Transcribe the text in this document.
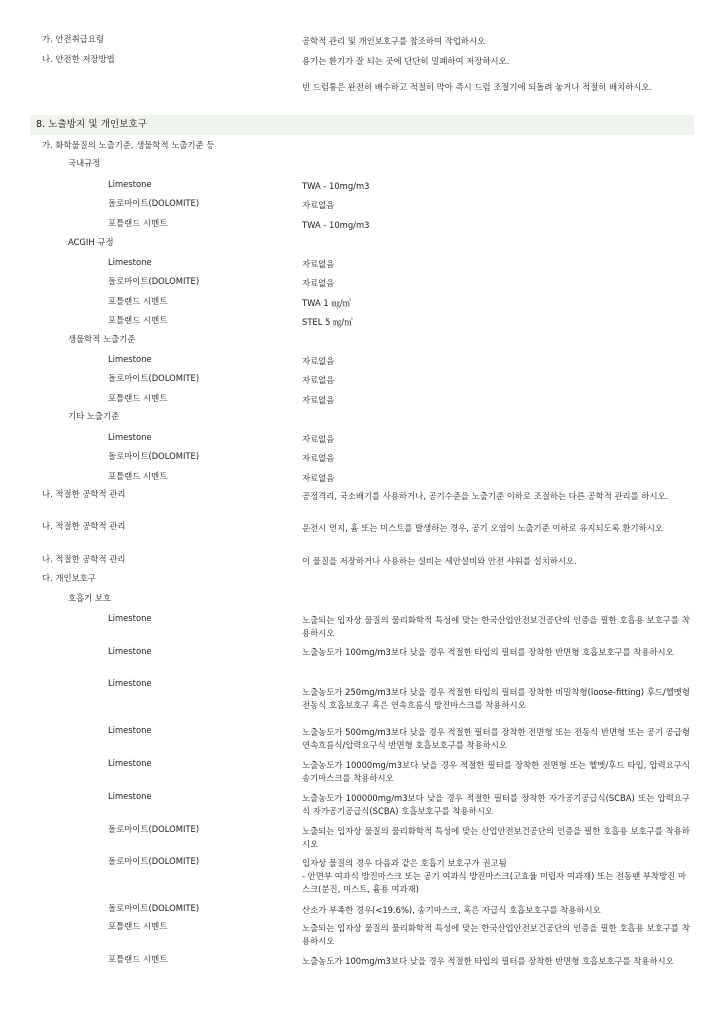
가. 안전취급요령	공학적 관리 및 개인보호구를 참조하여 작업하시오
나. 안전한 저장방법	용기는 환기가 잘 되는 곳에 단단히 밀폐하여 저장하시오.
빈 드럼통은 완전히 배수하고 적절히 막아 즉시 드럼 조절기에 되돌려 놓거나 적절히 배치하시오.
8. 노출방지 및 개인보호구
가. 화학물질의 노출기준, 생물학적 노출기준 등
국내규정
Limestone	TWA - 10mg/m3
돌로마이트(DOLOMITE)	자료없음
포틀랜드 시멘트	TWA - 10mg/m3
ACGIH 규정
Limestone	자료없음
돌로마이트(DOLOMITE)	자료없음
포틀랜드 시멘트	TWA 1 ㎎/㎥
포틀랜드 시멘트	STEL 5 ㎎/㎥
생물학적 노출기준
Limestone	자료없음
돌로마이트(DOLOMITE)	자료없음
포틀랜드 시멘트	자료없음
기타 노출기준
Limestone	자료없음
돌로마이트(DOLOMITE)	자료없음
포틀랜드 시멘트	자료없음
나. 적절한 공학적 관리	공정격리, 국소배기를 사용하거나, 공기수준을 노출기준 이하로 조절하는 다른 공학적 관리를 하시오.
나. 적절한 공학적 관리	운전시 먼지, 흄 또는 미스트를 발생하는 경우, 공기 오염이 노출기준 이하로 유지되도록 환기하시오
나. 적절한 공학적 관리	이 물질을 저장하거나 사용하는 설비는 세안설비와 안전 샤워를 설치하시오.
다. 개인보호구
호흡기 보호
Limestone	노출되는 입자상 물질의 물리화학적 특성에 맞는 한국산업안전보건공단의 인증을 필한 호흡용 보호구를 착용하시오
Limestone	노출농도가 100mg/m3보다 낮을 경우 적절한 타입의 필터를 장착한 반면형 호흡보호구를 착용하시오
Limestone
노출농도가 250mg/m3보다 낮을 경우 적절한 타입의 필터를 장착한 비밀착형(loose-fitting) 후드/헬멧형 전동식 호흡보호구 혹은 연속흐름식 방진마스크를 착용하시오
Limestone	노출농도가 500mg/m3보다 낮을 경우 적절한 필터를 장착한 전면형 또는 전동식 반면형 또는 공기 공급형 연속흐름식/압력요구식 반면형 호흡보호구를 착용하시오
Limestone	노출농도가 10000mg/m3보다 낮을 경우 적절한 필터를 장착한 전면형 또는 헬멧/후드 타입, 압력요구식 송기마스크를 착용하시오
Limestone	노출농도가 100000mg/m3보다 낮을 경우 적절한 필터를 장착한 자가공기공급식(SCBA) 또는 압력요구식 자가공기공급식(SCBA) 호흡보호구를 착용하시오
돌로마이트(DOLOMITE)	노출되는 입자상 물질의 물리화학적 특성에 맞는 산업안전보건공단의 인증을 필한 호흡용 보호구를 착용하시오
돌로마이트(DOLOMITE)	입자상 물질의 경우 다음과 같은 호흡기 보호구가 권고됨
- 안면부 여과식 방진마스크 또는 공기 여과식 방진마스크(고효율 미립자 여과재) 또는 전동팬 부착방진 마스크(분진, 미스트, 흄용 여과재)
돌로마이트(DOLOMITE)	산소가 부족한 경우(<19.6%), 송기마스크, 혹은 자급식 호흡보호구를 착용하시오
포틀랜드 시멘트	노출되는 입자상 물질의 물리화학적 특성에 맞는 한국산업안전보건공단의 인증을 필한 호흡용 보호구를 착용하시오
포틀랜드 시멘트	노출농도가 100mg/m3보다 낮을 경우 적절한 타입의 필터를 장착한 반면형 호흡보호구를 착용하시오
